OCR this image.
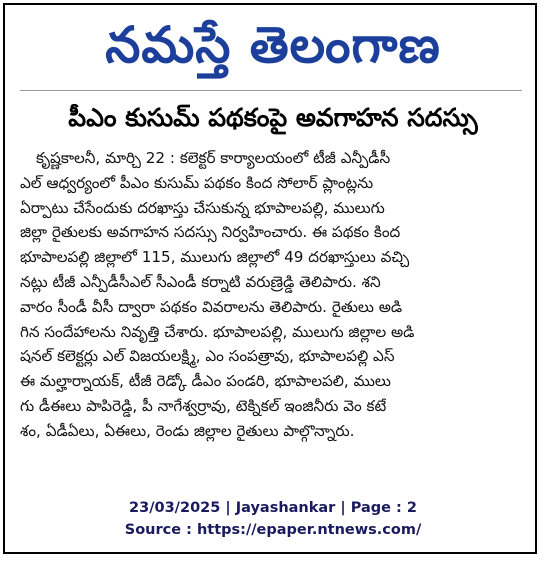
నమస్తే తెలంగాణ
పీఎం కుసుమ్ పథకంపై అవగాహన సదస్సు
కృష్ణకాలనీ, మార్చి 22 : కలెక్టర్ కార్యాలయంలో టీజీ ఎన్పీడీసీ
ఎల్ ఆధ్వర్యంలో పీఎం కుసుమ్ పథకం కింద సోలార్ ప్లాంట్లను
ఏర్పాటు చేసేందుకు దరఖాస్తు చేసుకున్న భూపాలపల్లి, ములుగు
జిల్లా రైతులకు అవగాహన సదస్సు నిర్వహించారు. ఈ పథకం కింద
భూపాలపల్లి జిల్లాలో 115, ములుగు జిల్లాలో 49 దరఖాస్తులు వచ్చి
నట్లు టీజీ ఎన్పీడీసీఎల్ సీఎండీ కర్నాటి వరుణ్రెడ్డి తెలిపారు. శని
వారం సీండీ వీసీ ద్వారా పథకం వివరాలను తెలిపారు. రైతులు అడి
గిన సందేహాలను నివృత్తి చేశారు. భూపాలపల్లి, ములుగు జిల్లాల అడి
షనల్ కలెక్టర్లు ఎల్ విజయలక్ష్మి, ఎం సంపత్రావు, భూపాలపల్లి ఎస్
ఈ మల్హార్నాయక్, టీజీ రెడ్కో డీఎం పండరి, భూపాలపలి, ములు
గు డీఈలు పాపిరెడ్డి, పీ నాగేశ్వర్రావు, టెక్నికల్ ఇంజినీరు వెం కటే
శం, ఏడీఏలు, ఏఈలు, రెండు జిల్లాల రైతులు పాల్గొన్నారు.
23/03/2025 | Jayashankar | Page : 2
Source : https://epaper.ntnews.com/
